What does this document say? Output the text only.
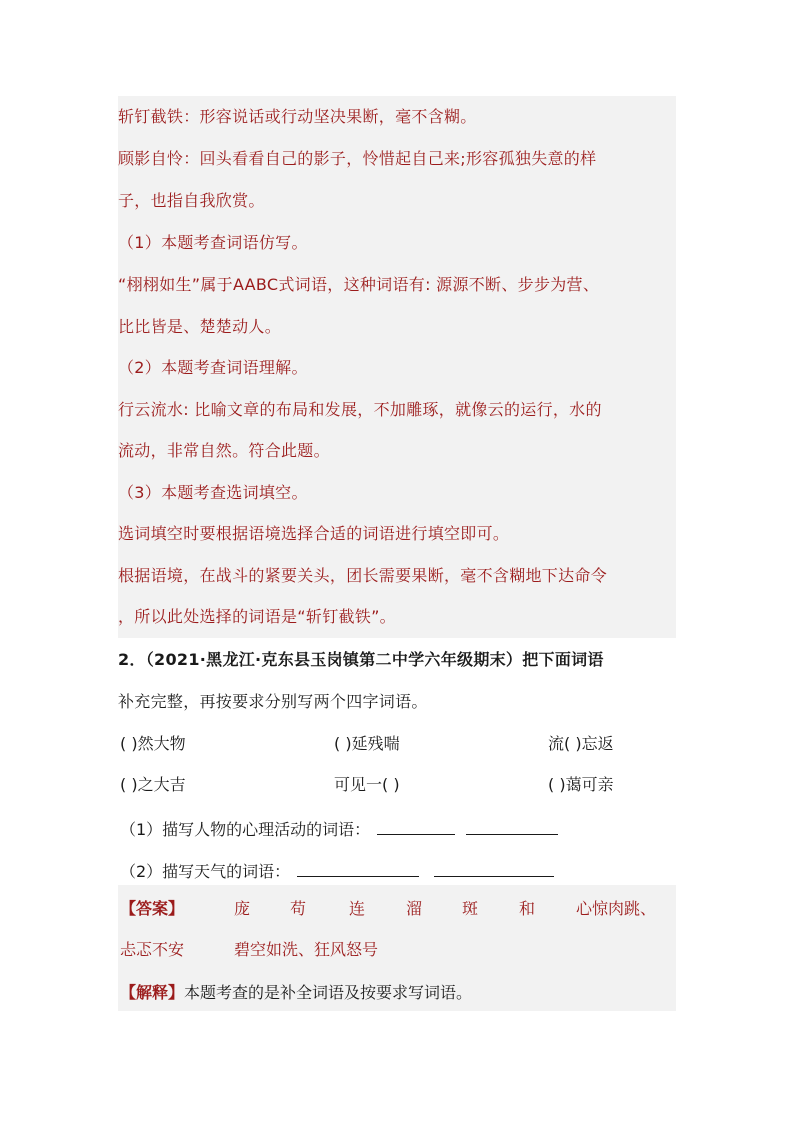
斩钉截铁：形容说话或行动坚决果断，毫不含糊。
顾影自怜：回头看看自己的影子，怜惜起自己来;形容孤独失意的样
子，也指自我欣赏。
（1）本题考查词语仿写。
“栩栩如生”属于AABC式词语，这种词语有: 源源不断、步步为营、
比比皆是、楚楚动人。
（2）本题考查词语理解。
行云流水: 比喻文章的布局和发展，不加雕琢，就像云的运行，水的
流动，非常自然。符合此题。
（3）本题考查选词填空。
选词填空时要根据语境选择合适的词语进行填空即可。
根据语境，在战斗的紧要关头，团长需要果断，毫不含糊地下达命令
，所以此处选择的词语是“斩钉截铁”。
2．（2021·黑龙江·克东县玉岗镇第二中学六年级期末）把下面词语
补充完整，再按要求分别写两个四字词语。
( )然大物	( )延残喘	流( )忘返
( )之大吉	可见一( )	( )蔼可亲
（1）描写人物的心理活动的词语：
（2）描写天气的词语：
【答案】	庞 苟	连	溜 斑	和	心惊肉跳、
忐忑不安	碧空如洗、狂风怒号
【解释】本题考查的是补全词语及按要求写词语。
